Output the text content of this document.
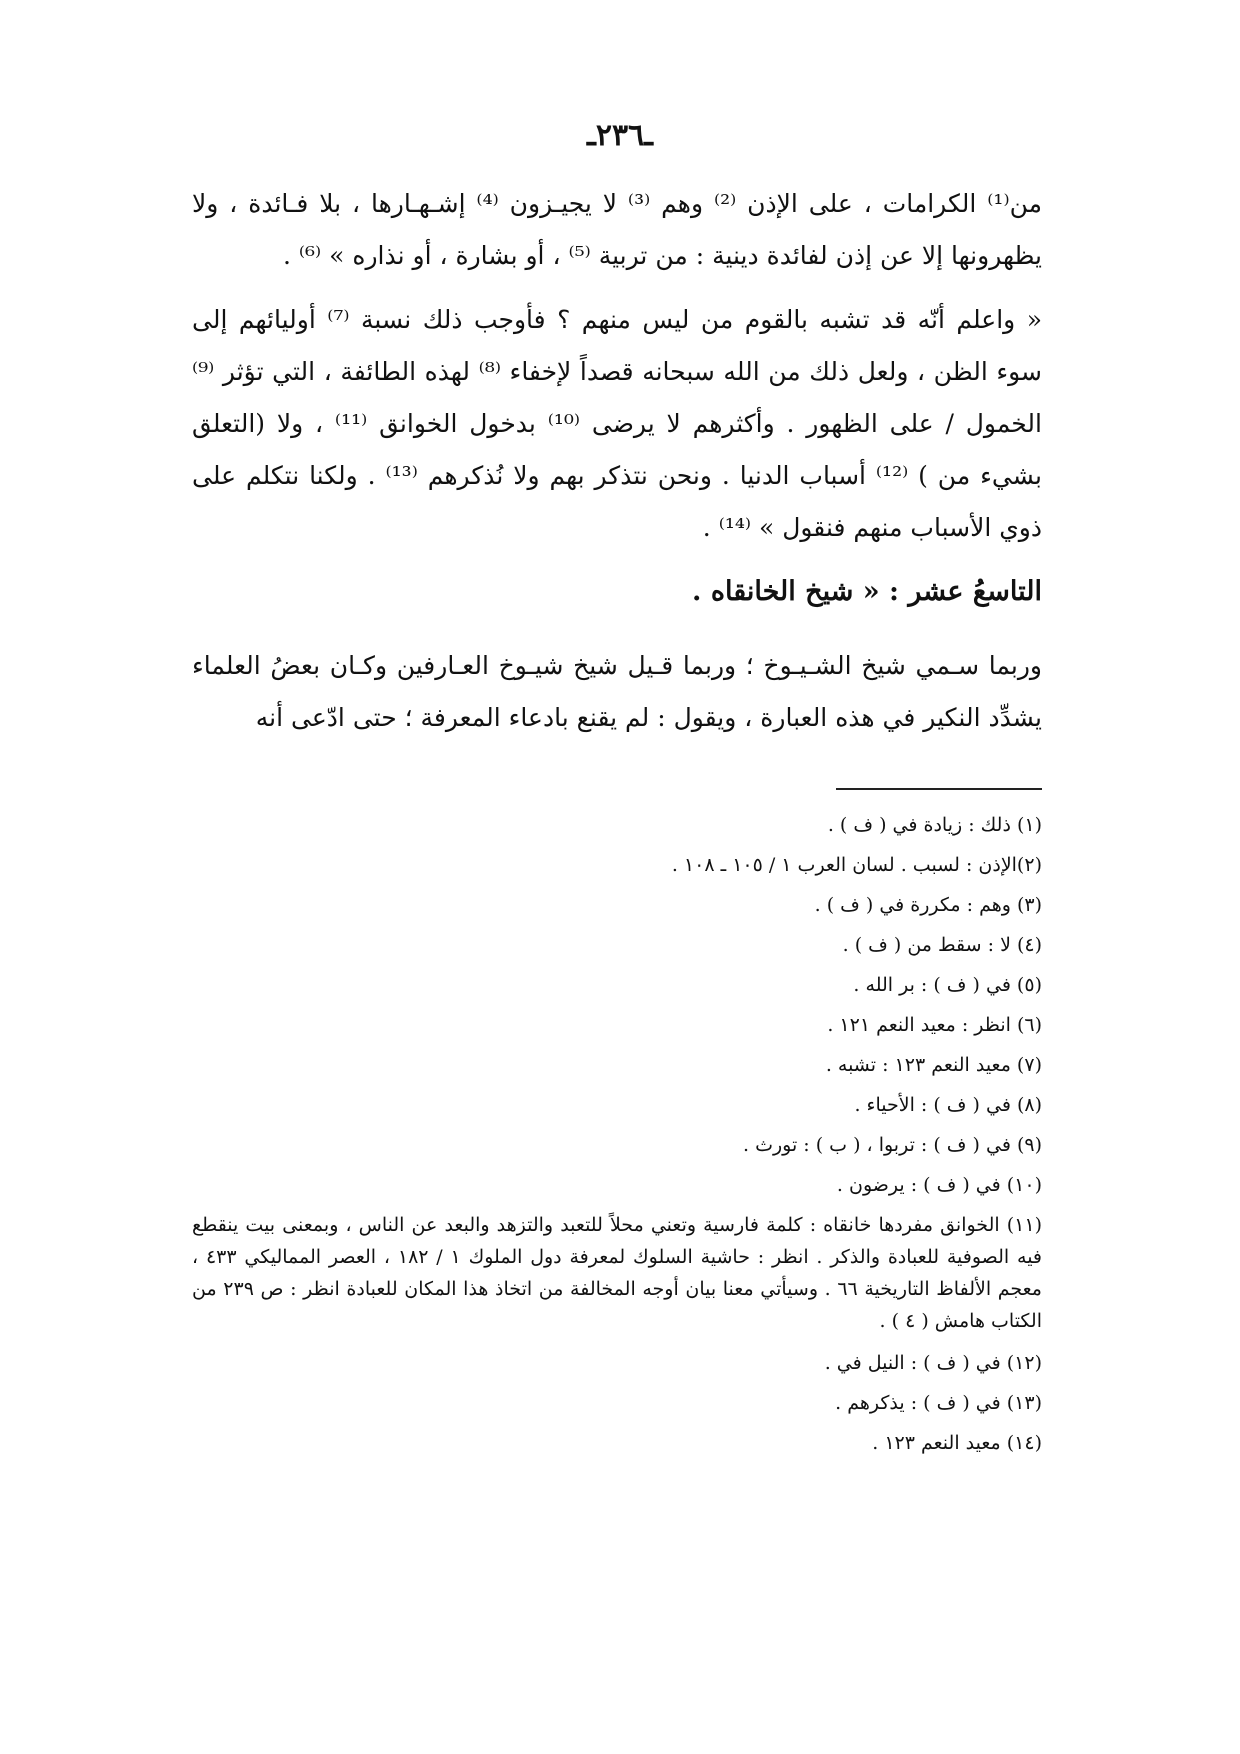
ـ٢٣٦ـ

من⁽¹⁾ الكرامات ، على الإذن ⁽²⁾ وهم ⁽³⁾ لا يجيـزون ⁽⁴⁾ إشـهـارها ، بلا فـائدة ، ولا يظهرونها إلا عن إذن لفائدة دينية : من تربية ⁽⁵⁾ ، أو بشارة ، أو نذاره » ⁽⁶⁾ .

« واعلم أنّه قد تشبه بالقوم من ليس منهم ؟ فأوجب ذلك نسبة ⁽⁷⁾ أوليائهم إلى سوء الظن ، ولعل ذلك من الله سبحانه قصداً لإخفاء ⁽⁸⁾ لهذه الطائفة ، التي تؤثر ⁽⁹⁾ الخمول / على الظهور . وأكثرهم لا يرضى ⁽¹⁰⁾ بدخول الخوانق ⁽¹¹⁾ ، ولا (التعلق بشيء من ) ⁽¹²⁾ أسباب الدنيا . ونحن نتذكر بهم ولا نُذكرهم ⁽¹³⁾ . ولكنا نتكلم على ذوي الأسباب منهم فنقول » ⁽¹⁴⁾ .

التاسعُ عشر : « شيخ الخانقاه .

وربما سـمي شيخ الشـيـوخ ؛ وربما قـيل شيخ شيـوخ العـارفين وكـان بعضُ العلماء يشدِّد النكير في هذه العبارة ، ويقول : لم يقنع بادعاء المعرفة ؛ حتى ادّعى أنه

(١) ذلك : زيادة في ( ف ) .

(٢)الإذن : لسبب . لسان العرب ١ / ١٠٥ ـ ١٠٨ .

(٣) وهم : مكررة في ( ف ) .

(٤) لا : سقط من ( ف ) .

(٥) في ( ف ) : بر الله .

(٦) انظر : معيد النعم ١٢١ .

(٧) معيد النعم ١٢٣ : تشبه .

(٨) في ( ف ) : الأحياء .

(٩) في ( ف ) : تربوا ، ( ب ) : تورث .

(١٠) في ( ف ) : يرضون .

(١١) الخوانق مفردها خانقاه : كلمة فارسية وتعني محلاً للتعبد والتزهد والبعد عن الناس ، وبمعنى بيت ينقطع فيه الصوفية للعبادة والذكر . انظر : حاشية السلوك لمعرفة دول الملوك ١ / ١٨٢ ، العصر المماليكي ٤٣٣ ، معجم الألفاظ التاريخية ٦٦ . وسيأتي معنا بيان أوجه المخالفة من اتخاذ هذا المكان للعبادة انظر : ص ٢٣٩ من الكتاب هامش ( ٤ ) .

(١٢) في ( ف ) : النيل في .

(١٣) في ( ف ) : يذكرهم .

(١٤) معيد النعم ١٢٣ .
